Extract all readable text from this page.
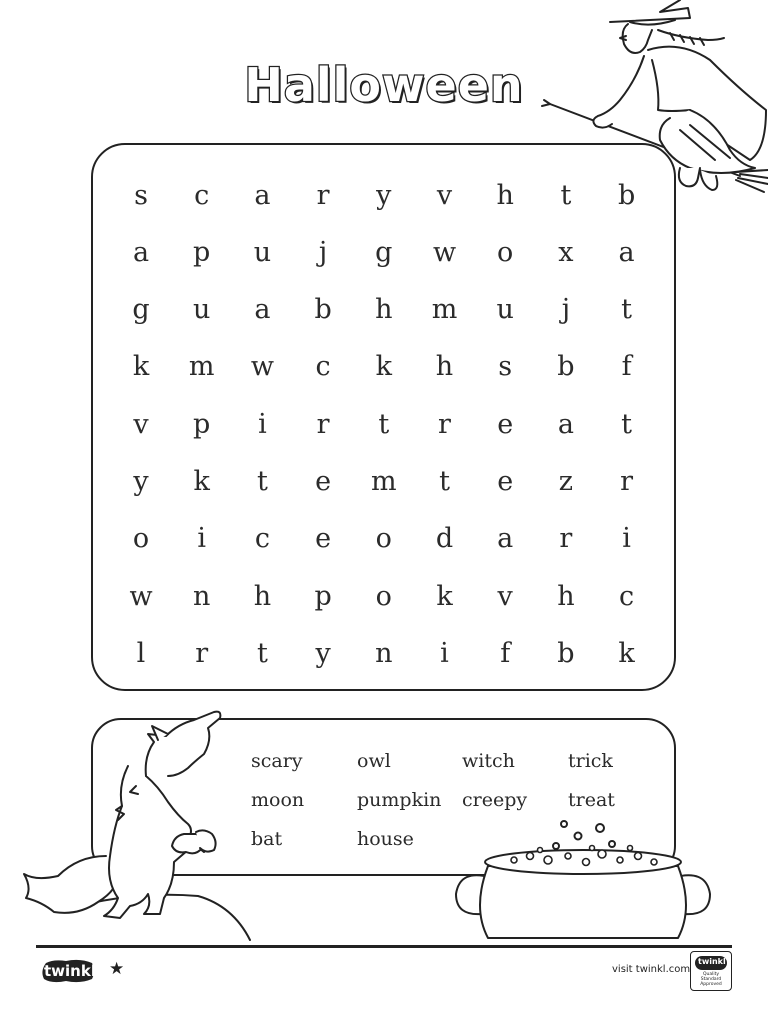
Halloween
s	c	a	r	y	v	h	t	b
a	p	u	j	g	w	o	x	a
g	u	a	b	h	m	u	j	t
k	m	w	c	k	h	s	b	f
v	p	i	r	t	r	e	a	t
y	k	t	e	m	t	e	z	r
o	i	c	e	o	d	a	r	i
w	n	h	p	o	k	v	h	c
l	r	t	y	n	i	f	b	k
scary
moon
bat
owl
pumpkin
house
witch
creepy
trick
treat
twinkl ★	visit twinkl.com
twinkl
Quality Standard Approved
